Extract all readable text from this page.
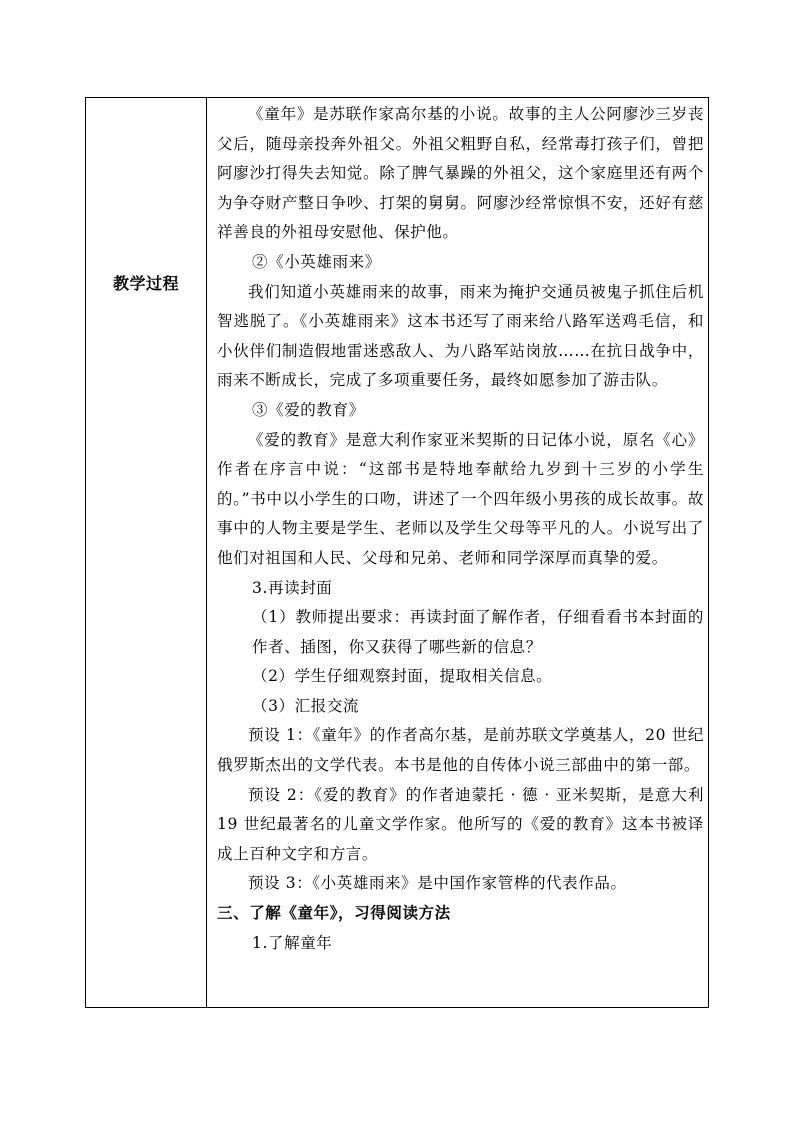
教学过程

《童年》是苏联作家高尔基的小说。故事的主人公阿廖沙三岁丧父后，随母亲投奔外祖父。外祖父粗野自私，经常毒打孩子们，曾把阿廖沙打得失去知觉。除了脾气暴躁的外祖父，这个家庭里还有两个为争夺财产整日争吵、打架的舅舅。阿廖沙经常惊惧不安，还好有慈祥善良的外祖母安慰他、保护他。

②《小英雄雨来》

我们知道小英雄雨来的故事，雨来为掩护交通员被鬼子抓住后机智逃脱了。《小英雄雨来》这本书还写了雨来给八路军送鸡毛信，和小伙伴们制造假地雷迷惑敌人、为八路军站岗放……在抗日战争中，雨来不断成长，完成了多项重要任务，最终如愿参加了游击队。

③《爱的教育》

《爱的教育》是意大利作家亚米契斯的日记体小说，原名《心》作者在序言中说：“这部书是特地奉献给九岁到十三岁的小学生的。”书中以小学生的口吻，讲述了一个四年级小男孩的成长故事。故事中的人物主要是学生、老师以及学生父母等平凡的人。小说写出了他们对祖国和人民、父母和兄弟、老师和同学深厚而真挚的爱。

3.再读封面

（1）教师提出要求：再读封面了解作者，仔细看看书本封面的作者、插图，你又获得了哪些新的信息？

（2）学生仔细观察封面，提取相关信息。

（3）汇报交流

预设 1：《童年》的作者高尔基，是前苏联文学奠基人，20 世纪俄罗斯杰出的文学代表。本书是他的自传体小说三部曲中的第一部。

预设 2：《爱的教育》的作者迪蒙托 · 德 · 亚米契斯，是意大利 19 世纪最著名的儿童文学作家。他所写的《爱的教育》这本书被译成上百种文字和方言。

预设 3：《小英雄雨来》是中国作家管桦的代表作品。

三、了解《童年》，习得阅读方法

1.了解童年
